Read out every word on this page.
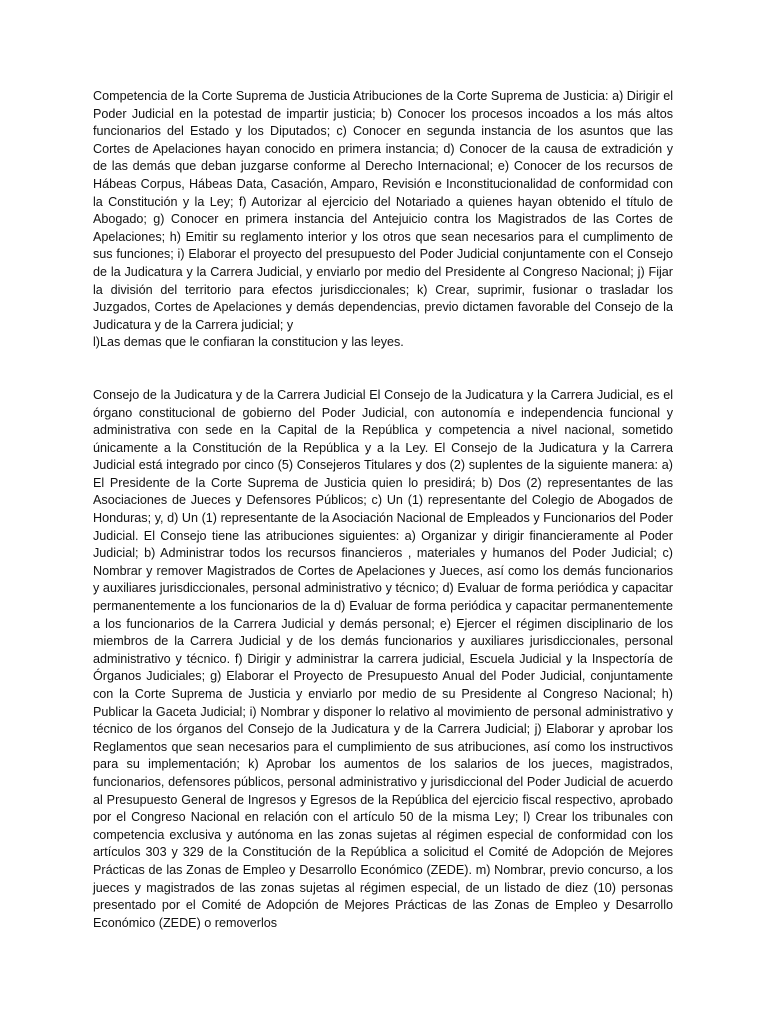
Competencia de la Corte Suprema de Justicia Atribuciones de la Corte Suprema de Justicia: a) Dirigir el Poder Judicial en la potestad de impartir justicia; b) Conocer los procesos incoados a los más altos funcionarios del Estado y los Diputados; c) Conocer en segunda instancia de los asuntos que las Cortes de Apelaciones hayan conocido en primera instancia; d) Conocer de la causa de extradición y de las demás que deban juzgarse conforme al Derecho Internacional; e) Conocer de los recursos de Hábeas Corpus, Hábeas Data, Casación, Amparo, Revisión e Inconstitucionalidad de conformidad con la Constitución y la Ley; f) Autorizar al ejercicio del Notariado a quienes hayan obtenido el título de Abogado; g) Conocer en primera instancia del Antejuicio contra los Magistrados de las Cortes de Apelaciones; h) Emitir su reglamento interior y los otros que sean necesarios para el cumplimento de sus funciones; i) Elaborar el proyecto del presupuesto del Poder Judicial conjuntamente con el Consejo de la Judicatura y la Carrera Judicial, y enviarlo por medio del Presidente al Congreso Nacional; j) Fijar la división del territorio para efectos jurisdiccionales; k) Crear, suprimir, fusionar o trasladar los Juzgados, Cortes de Apelaciones y demás dependencias, previo dictamen favorable del Consejo de la Judicatura y de la Carrera judicial; y
l)Las demas que le confiaran la constitucion y las leyes.

Consejo de la Judicatura y de la Carrera Judicial El Consejo de la Judicatura y la Carrera Judicial, es el órgano constitucional de gobierno del Poder Judicial, con autonomía e independencia funcional y administrativa con sede en la Capital de la República y competencia a nivel nacional, sometido únicamente a la Constitución de la República y a la Ley. El Consejo de la Judicatura y la Carrera Judicial está integrado por cinco (5) Consejeros Titulares y dos (2) suplentes de la siguiente manera: a) El Presidente de la Corte Suprema de Justicia quien lo presidirá; b) Dos (2) representantes de las Asociaciones de Jueces y Defensores Públicos; c) Un (1) representante del Colegio de Abogados de Honduras; y, d) Un (1) representante de la Asociación Nacional de Empleados y Funcionarios del Poder Judicial. El Consejo tiene las atribuciones siguientes: a) Organizar y dirigir financieramente al Poder Judicial; b) Administrar todos los recursos financieros , materiales y humanos del Poder Judicial; c) Nombrar y remover Magistrados de Cortes de Apelaciones y Jueces, así como los demás funcionarios y auxiliares jurisdiccionales, personal administrativo y técnico; d) Evaluar de forma periódica y capacitar permanentemente a los funcionarios de la d) Evaluar de forma periódica y capacitar permanentemente a los funcionarios de la Carrera Judicial y demás personal; e) Ejercer el régimen disciplinario de los miembros de la Carrera Judicial y de los demás funcionarios y auxiliares jurisdiccionales, personal administrativo y técnico. f) Dirigir y administrar la carrera judicial, Escuela Judicial y la Inspectoría de Órganos Judiciales; g) Elaborar el Proyecto de Presupuesto Anual del Poder Judicial, conjuntamente con la Corte Suprema de Justicia y enviarlo por medio de su Presidente al Congreso Nacional; h) Publicar la Gaceta Judicial; i) Nombrar y disponer lo relativo al movimiento de personal administrativo y técnico de los órganos del Consejo de la Judicatura y de la Carrera Judicial; j) Elaborar y aprobar los Reglamentos que sean necesarios para el cumplimiento de sus atribuciones, así como los instructivos para su implementación; k) Aprobar los aumentos de los salarios de los jueces, magistrados, funcionarios, defensores públicos, personal administrativo y jurisdiccional del Poder Judicial de acuerdo al Presupuesto General de Ingresos y Egresos de la República del ejercicio fiscal respectivo, aprobado por el Congreso Nacional en relación con el artículo 50 de la misma Ley; l) Crear los tribunales con competencia exclusiva y autónoma en las zonas sujetas al régimen especial de conformidad con los artículos 303 y 329 de la Constitución de la República a solicitud el Comité de Adopción de Mejores Prácticas de las Zonas de Empleo y Desarrollo Económico (ZEDE). m) Nombrar, previo concurso, a los jueces y magistrados de las zonas sujetas al régimen especial, de un listado de diez (10) personas presentado por el Comité de Adopción de Mejores Prácticas de las Zonas de Empleo y Desarrollo Económico (ZEDE) o removerlos
